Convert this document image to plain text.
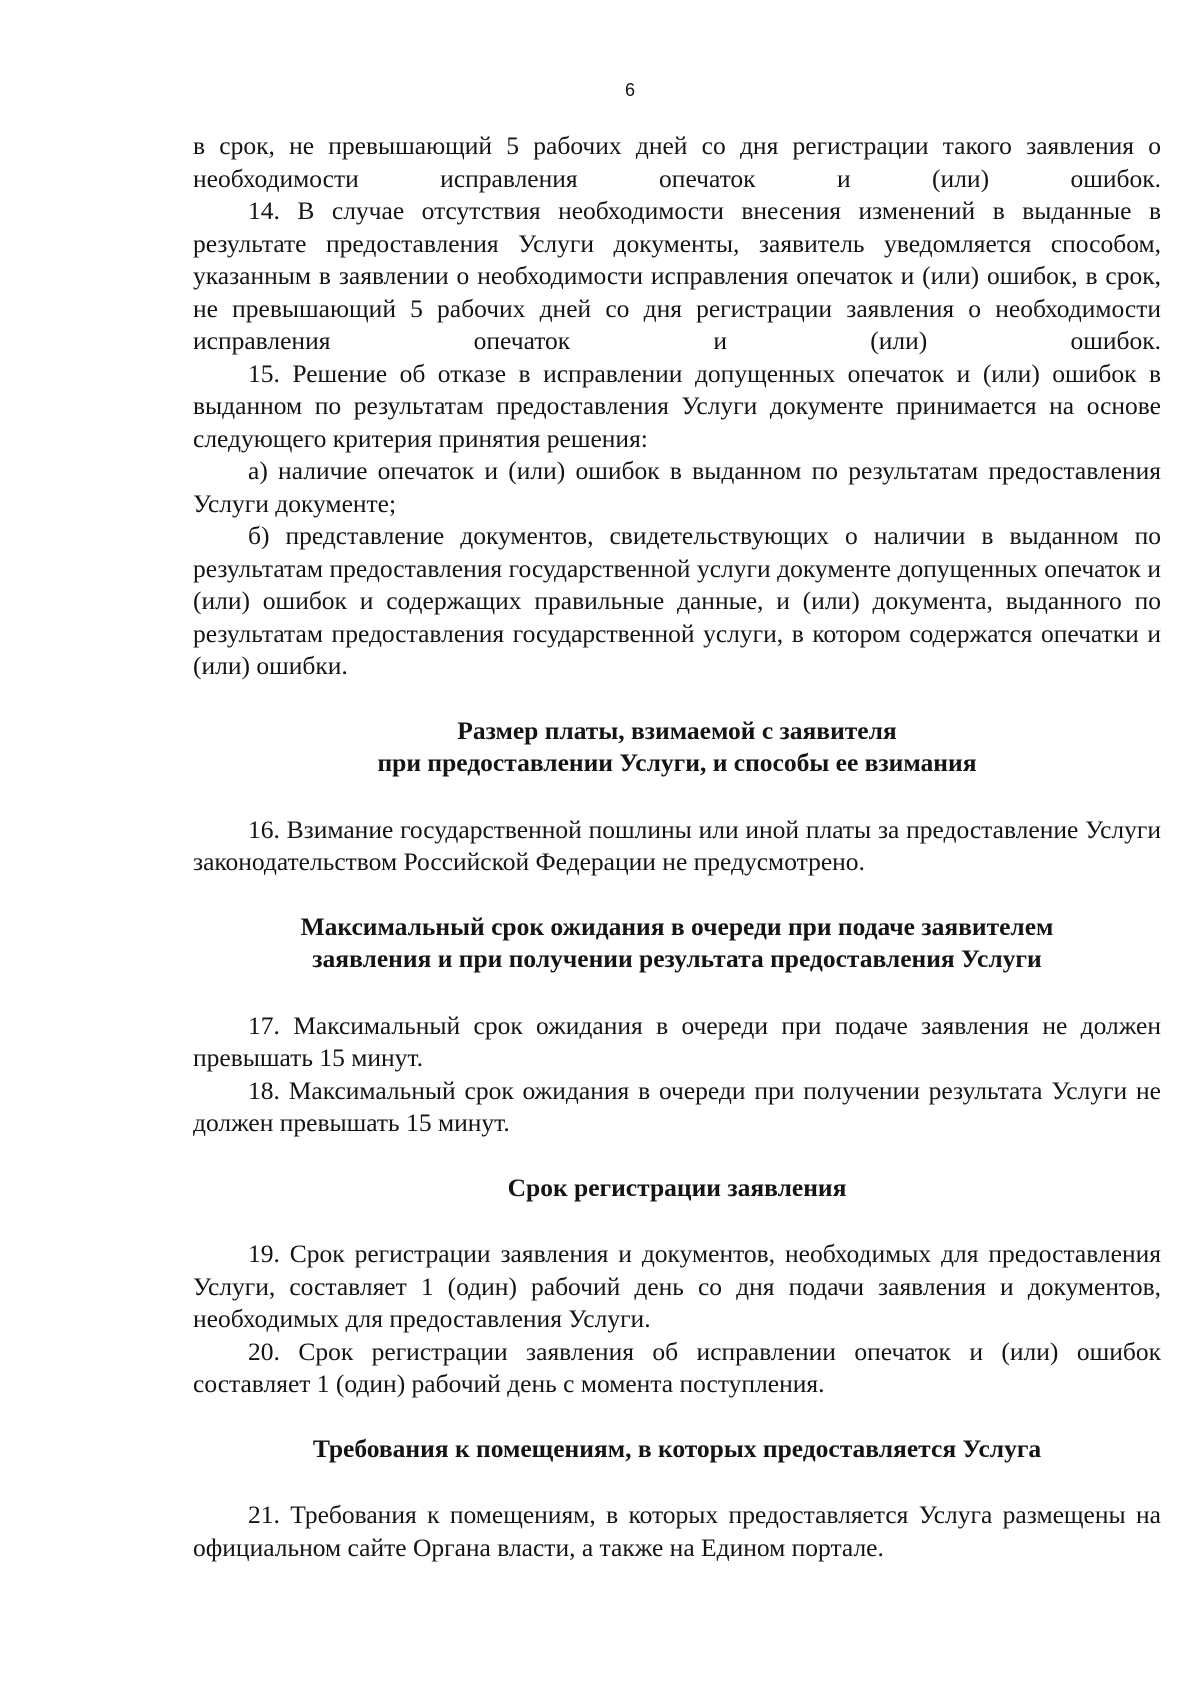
6

в срок, не превышающий 5 рабочих дней со дня регистрации такого заявления о необходимости исправления опечаток и (или) ошибок.

14. В случае отсутствия необходимости внесения изменений в выданные в результате предоставления Услуги документы, заявитель уведомляется способом, указанным в заявлении о необходимости исправления опечаток и (или) ошибок, в срок, не превышающий 5 рабочих дней со дня регистрации заявления о необходимости исправления опечаток и (или) ошибок.

15. Решение об отказе в исправлении допущенных опечаток и (или) ошибок в выданном по результатам предоставления Услуги документе принимается на основе следующего критерия принятия решения:

а) наличие опечаток и (или) ошибок в выданном по результатам предоставления Услуги документе;

б) представление документов, свидетельствующих о наличии в выданном по результатам предоставления государственной услуги документе допущенных опечаток и (или) ошибок и содержащих правильные данные, и (или) документа, выданного по результатам предоставления государственной услуги, в котором содержатся опечатки и (или) ошибки.

Размер платы, взимаемой с заявителя

при предоставлении Услуги, и способы ее взимания

16. Взимание государственной пошлины или иной платы за предоставление Услуги законодательством Российской Федерации не предусмотрено.

Максимальный срок ожидания в очереди при подаче заявителем

заявления и при получении результата предоставления Услуги

17. Максимальный срок ожидания в очереди при подаче заявления не должен превышать 15 минут.

18. Максимальный срок ожидания в очереди при получении результата Услуги не должен превышать 15 минут.

Срок регистрации заявления

19. Срок регистрации заявления и документов, необходимых для предоставления Услуги, составляет 1 (один) рабочий день со дня подачи заявления и документов, необходимых для предоставления Услуги.

20. Срок регистрации заявления об исправлении опечаток и (или) ошибок составляет 1 (один) рабочий день с момента поступления.

Требования к помещениям, в которых предоставляется Услуга

21. Требования к помещениям, в которых предоставляется Услуга размещены на официальном сайте Органа власти, а также на Едином портале.
